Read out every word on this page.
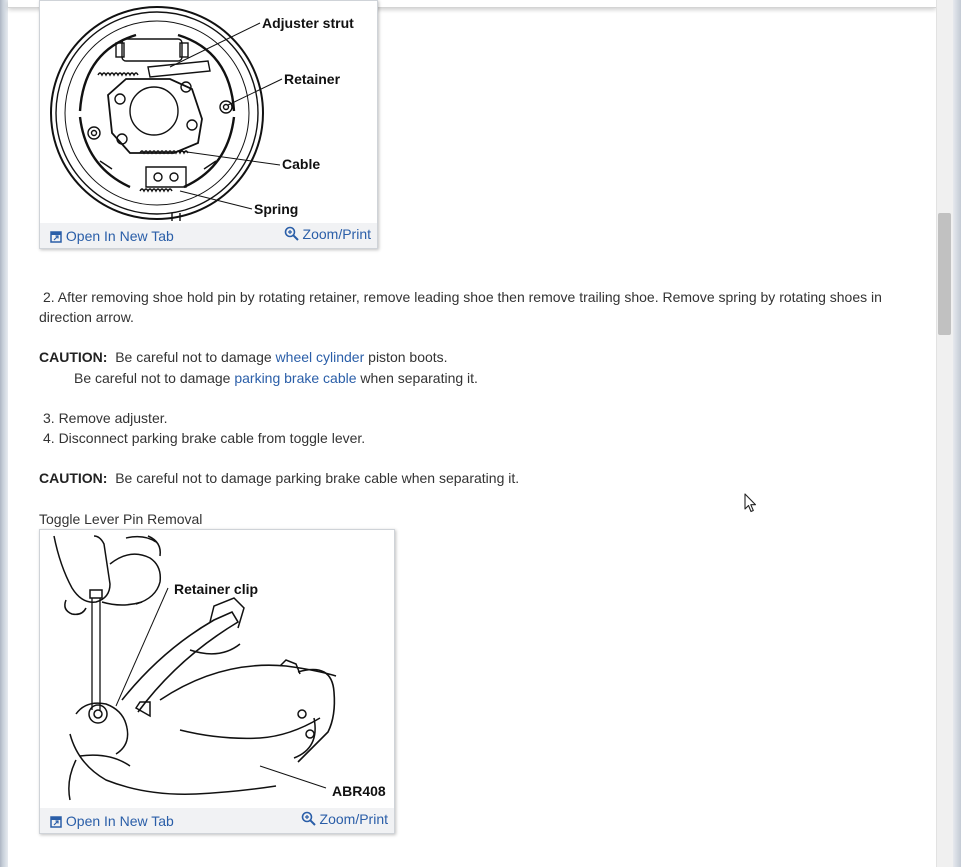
Adjuster strut
Retainer
Cable
Spring
Open In New Tab	Zoom/Print
2. After removing shoe hold pin by rotating retainer, remove leading shoe then remove trailing shoe. Remove spring by rotating shoes in direction arrow.
CAUTION: Be careful not to damage wheel cylinder piston boots.
Be careful not to damage parking brake cable when separating it.
3. Remove adjuster.
4. Disconnect parking brake cable from toggle lever.
CAUTION: Be careful not to damage parking brake cable when separating it.
Toggle Lever Pin Removal
Retainer clip
ABR408
Open In New Tab	Zoom/Print
